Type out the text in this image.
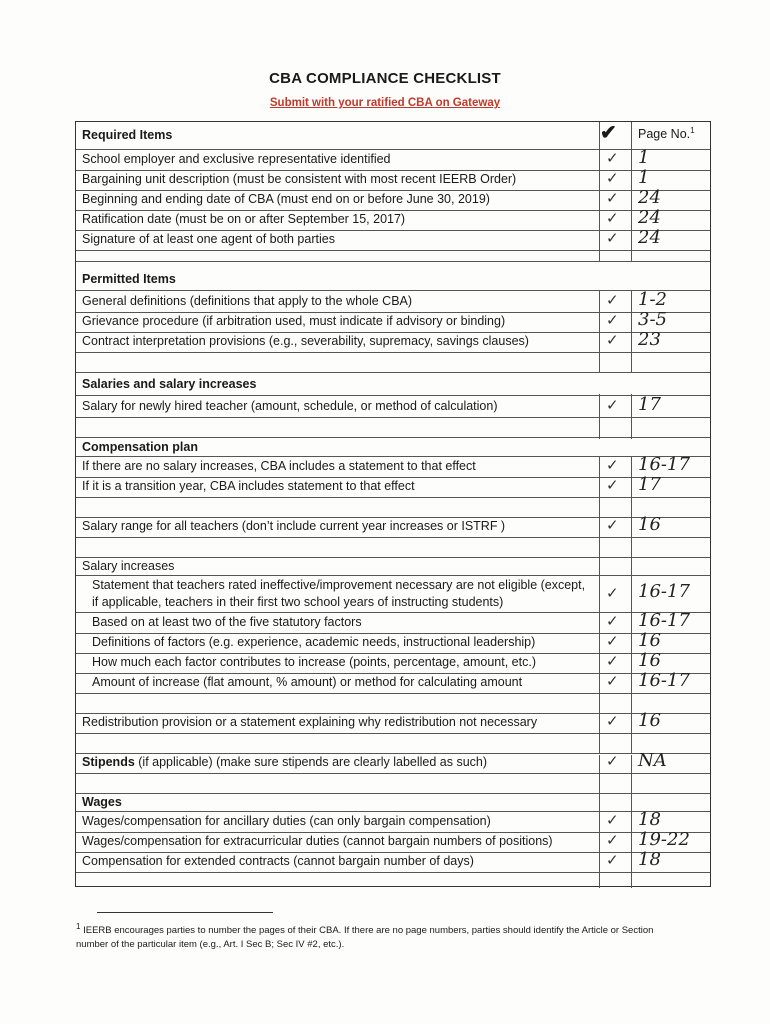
CBA COMPLIANCE CHECKLIST
Submit with your ratified CBA on Gateway
Required Items	✔ Page No.$^1$
School employer and exclusive representative identified	✓ 1
Bargaining unit description (must be consistent with most recent IEERB Order)	✓ 1
Beginning and ending date of CBA (must end on or before June 30, 2019)	✓ 24
Ratification date (must be on or after September 15, 2017)	✓ 24
Signature of at least one agent of both parties	✓ 24
Permitted Items
General definitions (definitions that apply to the whole CBA)	✓ 1-2
Grievance procedure (if arbitration used, must indicate if advisory or binding)	✓ 3-5
Contract interpretation provisions (e.g., severability, supremacy, savings clauses)	✓ 23
Salaries and salary increases
Salary for newly hired teacher (amount, schedule, or method of calculation)	✓ 17
Compensation plan
If there are no salary increases, CBA includes a statement to that effect	✓ 16-17
If it is a transition year, CBA includes statement to that effect	✓ 17
Salary range for all teachers (don’t include current year increases or ISTRF )	✓ 16
Salary increases
Statement that teachers rated ineffective/improvement necessary are not eligible (except, if applicable, teachers in their first two school years of instructing students)	✓ 16-17
Based on at least two of the five statutory factors	✓ 16-17
Definitions of factors (e.g. experience, academic needs, instructional leadership)	✓ 16
How much each factor contributes to increase (points, percentage, amount, etc.)	✓ 16
Amount of increase (flat amount, % amount) or method for calculating amount	✓ 16-17
Redistribution provision or a statement explaining why redistribution not necessary	✓ 16
Stipends (if applicable) (make sure stipends are clearly labelled as such)	✓ NA
Wages
Wages/compensation for ancillary duties (can only bargain compensation)	✓ 18
Wages/compensation for extracurricular duties (cannot bargain numbers of positions)	✓ 19-22
Compensation for extended contracts (cannot bargain number of days)	✓ 18
$^1$ IEERB encourages parties to number the pages of their CBA. If there are no page numbers, parties should identify the Article or Section number of the particular item (e.g., Art. I Sec B; Sec IV #2, etc.).
